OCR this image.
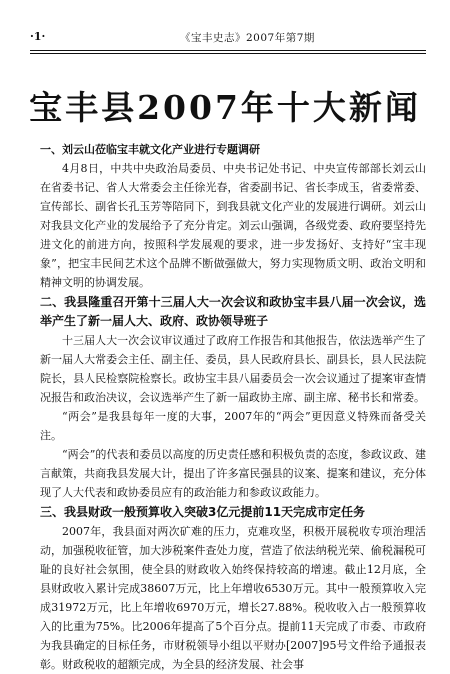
·1·	《宝丰史志》2007年第7期
宝丰县2007年十大新闻

一、刘云山莅临宝丰就文化产业进行专题调研

4月8日，中共中央政治局委员、中央书记处书记、中央宣传部部长刘云山在省委书记、省人大常委会主任徐光春，省委副书记、省长李成玉，省委常委、宣传部长、副省长孔玉芳等陪同下，到我县就文化产业的发展进行调研。刘云山对我县文化产业的发展给予了充分肯定。刘云山强调，各级党委、政府要坚持先进文化的前进方向，按照科学发展观的要求，进一步发扬好、支持好“宝丰现象”，把宝丰民间艺术这个品牌不断做强做大，努力实现物质文明、政治文明和精神文明的协调发展。

二、我县隆重召开第十三届人大一次会议和政协宝丰县八届一次会议，选举产生了新一届人大、政府、政协领导班子

十三届人大一次会议审议通过了政府工作报告和其他报告，依法选举产生了新一届人大常委会主任、副主任、委员，县人民政府县长、副县长，县人民法院院长，县人民检察院检察长。政协宝丰县八届委员会一次会议通过了提案审查情况报告和政治决议，会议选举产生了新一届政协主席、副主席、秘书长和常委。

“两会”是我县每年一度的大事，2007年的“两会”更因意义特殊而备受关注。

“两会”的代表和委员以高度的历史责任感和积极负责的态度，参政议政、建言献策，共商我县发展大计，提出了许多富民强县的议案、提案和建议，充分体现了人大代表和政协委员应有的政治能力和参政议政能力。

三、我县财政一般预算收入突破3亿元提前11天完成市定任务

2007年，我县面对两次矿难的压力，克难攻坚，积极开展税收专项治理活动，加强税收征管，加大涉税案件查处力度，营造了依法纳税光荣、偷税漏税可耻的良好社会氛围，使全县的财政收入始终保持较高的增速。截止12月底，全县财政收入累计完成38607万元，比上年增收6530万元。其中一般预算收入完成31972万元，比上年增收6970万元，增长27.88%。税收收入占一般预算收入的比重为75%。比2006年提高了5个百分点。提前11天完成了市委、市政府为我县确定的目标任务，市财税领导小组以平财办[2007]95号文件给予通报表彰。财政税收的超额完成，为全县的经济发展、社会事
